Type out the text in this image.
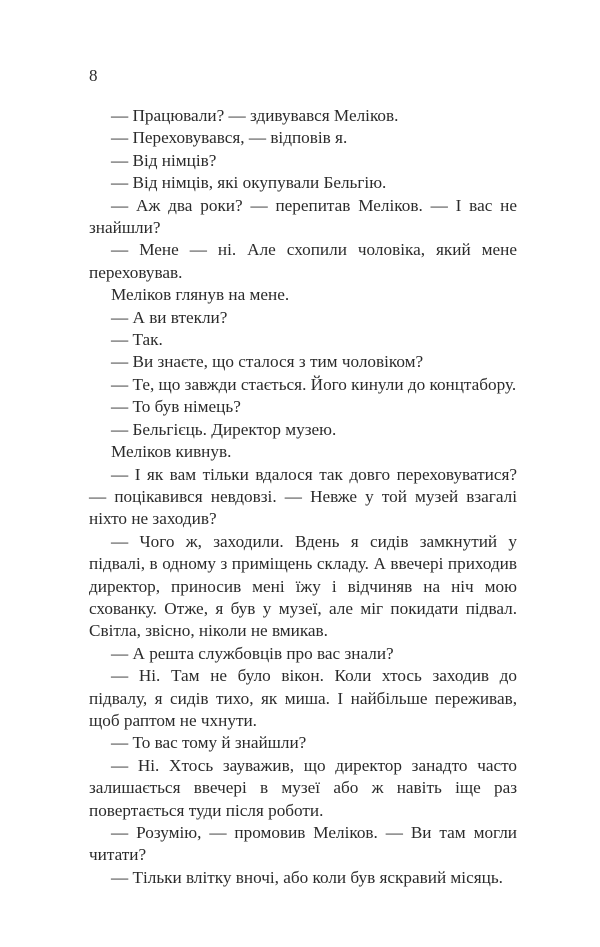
8

— Працювали? — здивувався Меліков.

— Переховувався, — відповів я.

— Від німців?

— Від німців, які окупували Бельгію.

— Аж два роки? — перепитав Меліков. — І вас не знайшли?

— Мене — ні. Але схопили чоловіка, який мене переховував.

Меліков глянув на мене.

— А ви втекли?

— Так.

— Ви знаєте, що сталося з тим чоловіком?

— Те, що завжди стається. Його кинули до концтабору.

— То був німець?

— Бельгієць. Директор музею.

Меліков кивнув.

— І як вам тільки вдалося так довго переховуватися? — поцікавився невдовзі. — Невже у той музей взагалі ніхто не заходив?

— Чого ж, заходили. Вдень я сидів замкнутий у підвалі, в одному з приміщень складу. А ввечері приходив директор, приносив мені їжу і відчиняв на ніч мою схованку. Отже, я був у музеї, але міг покидати підвал. Світла, звісно, ніколи не вмикав.

— А решта службовців про вас знали?

— Ні. Там не було вікон. Коли хтось заходив до підвалу, я сидів тихо, як миша. І найбільше переживав, щоб раптом не чхнути.

— То вас тому й знайшли?

— Ні. Хтось зауважив, що директор занадто часто залишається ввечері в музеї або ж навіть іще раз повертається туди після роботи.

— Розумію, — промовив Меліков. — Ви там могли читати?

— Тільки влітку вночі, або коли був яскравий місяць.
